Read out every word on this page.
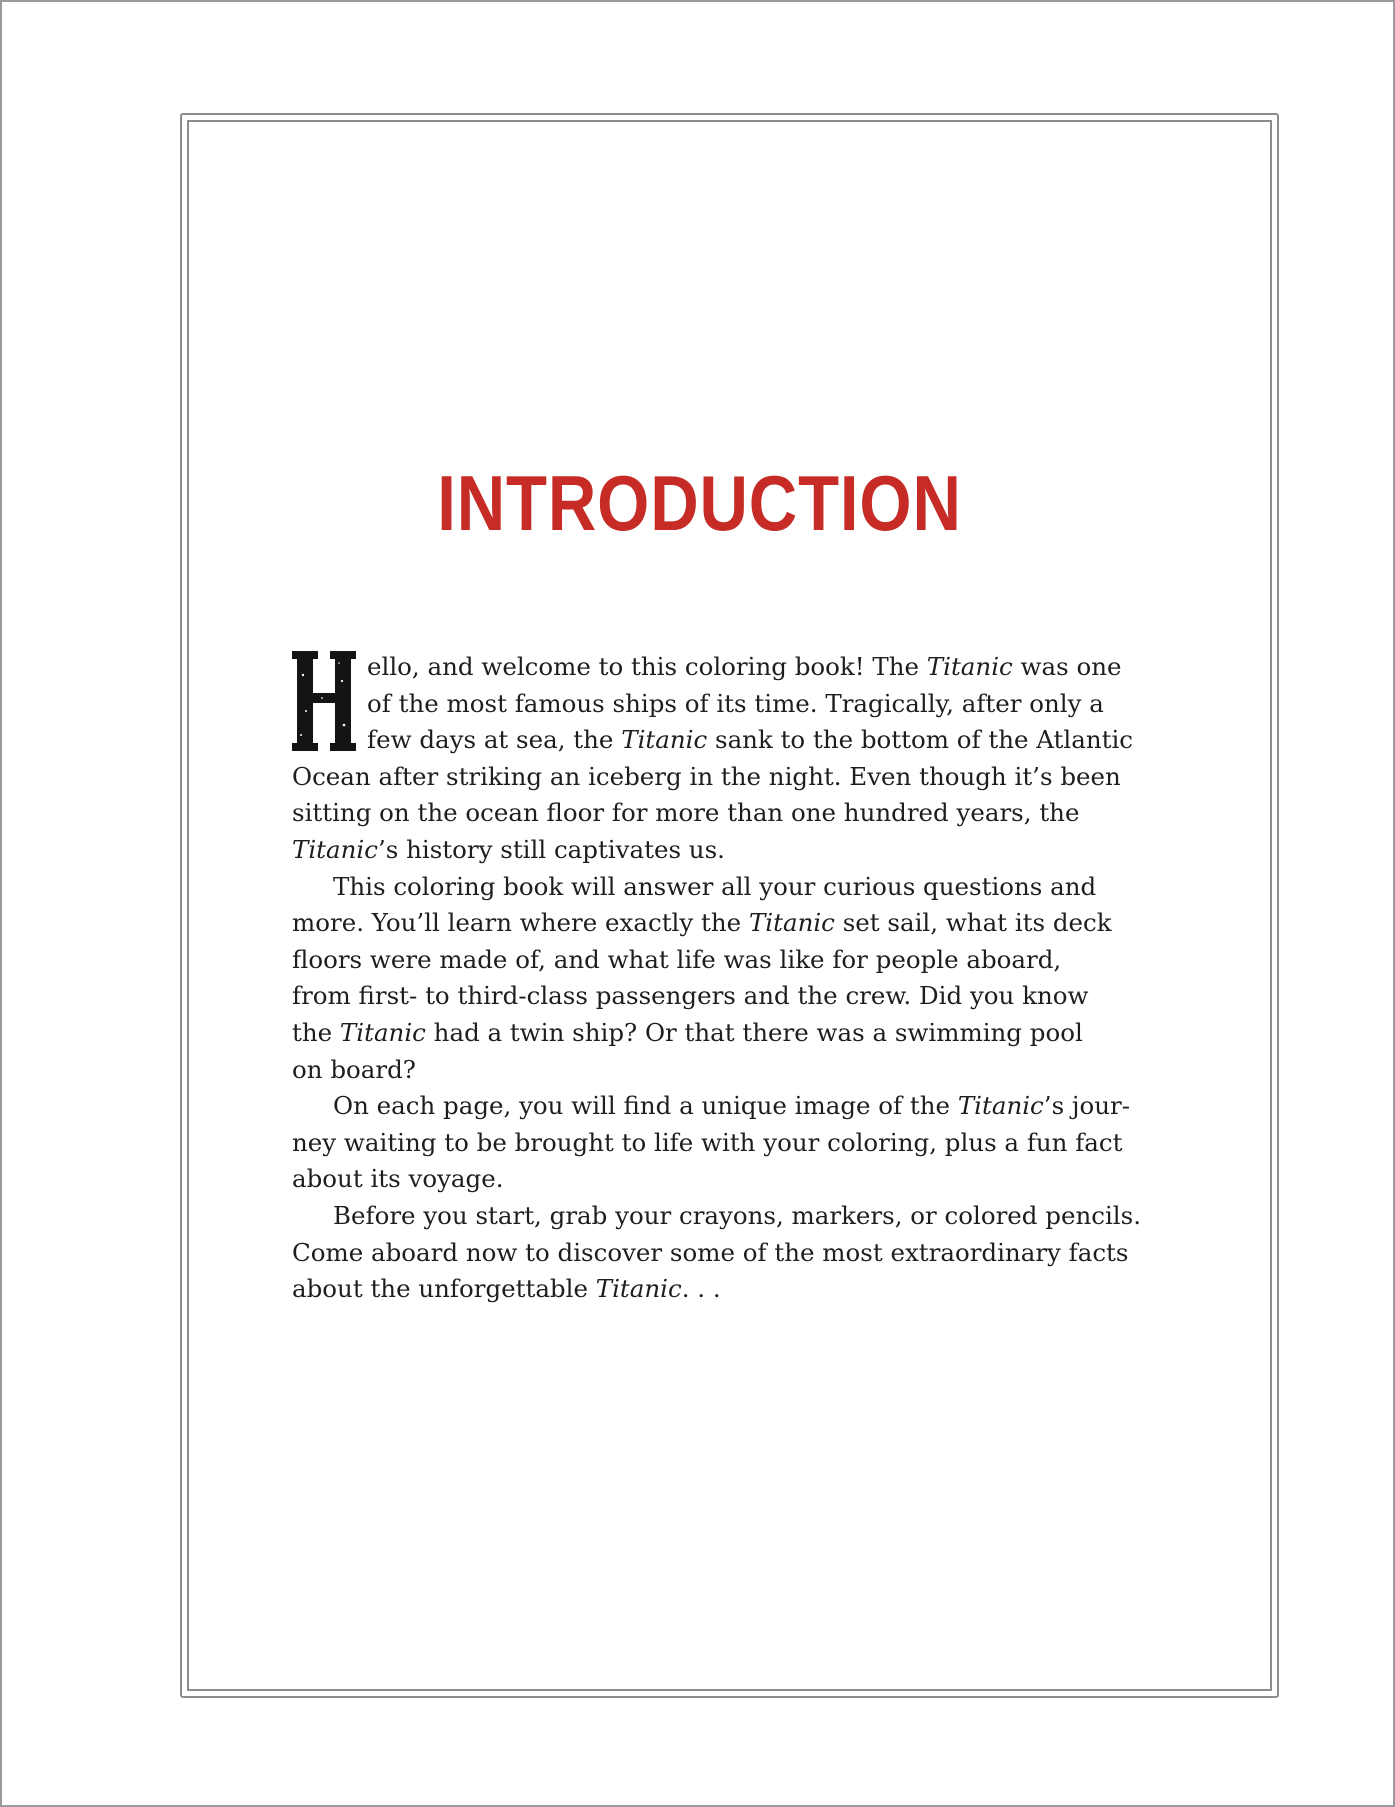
INTRODUCTION
ello, and welcome to this coloring book! The Titanic was one
of the most famous ships of its time. Tragically, after only a
few days at sea, the Titanic sank to the bottom of the Atlantic
Ocean after striking an iceberg in the night. Even though it’s been
sitting on the ocean floor for more than one hundred years, the
Titanic’s history still captivates us.
This coloring book will answer all your curious questions and
more. You’ll learn where exactly the Titanic set sail, what its deck
floors were made of, and what life was like for people aboard,
from first- to third-class passengers and the crew. Did you know
the Titanic had a twin ship? Or that there was a swimming pool
on board?
On each page, you will find a unique image of the Titanic’s jour-
ney waiting to be brought to life with your coloring, plus a fun fact
about its voyage.
Before you start, grab your crayons, markers, or colored pencils.
Come aboard now to discover some of the most extraordinary facts
about the unforgettable Titanic. . .
